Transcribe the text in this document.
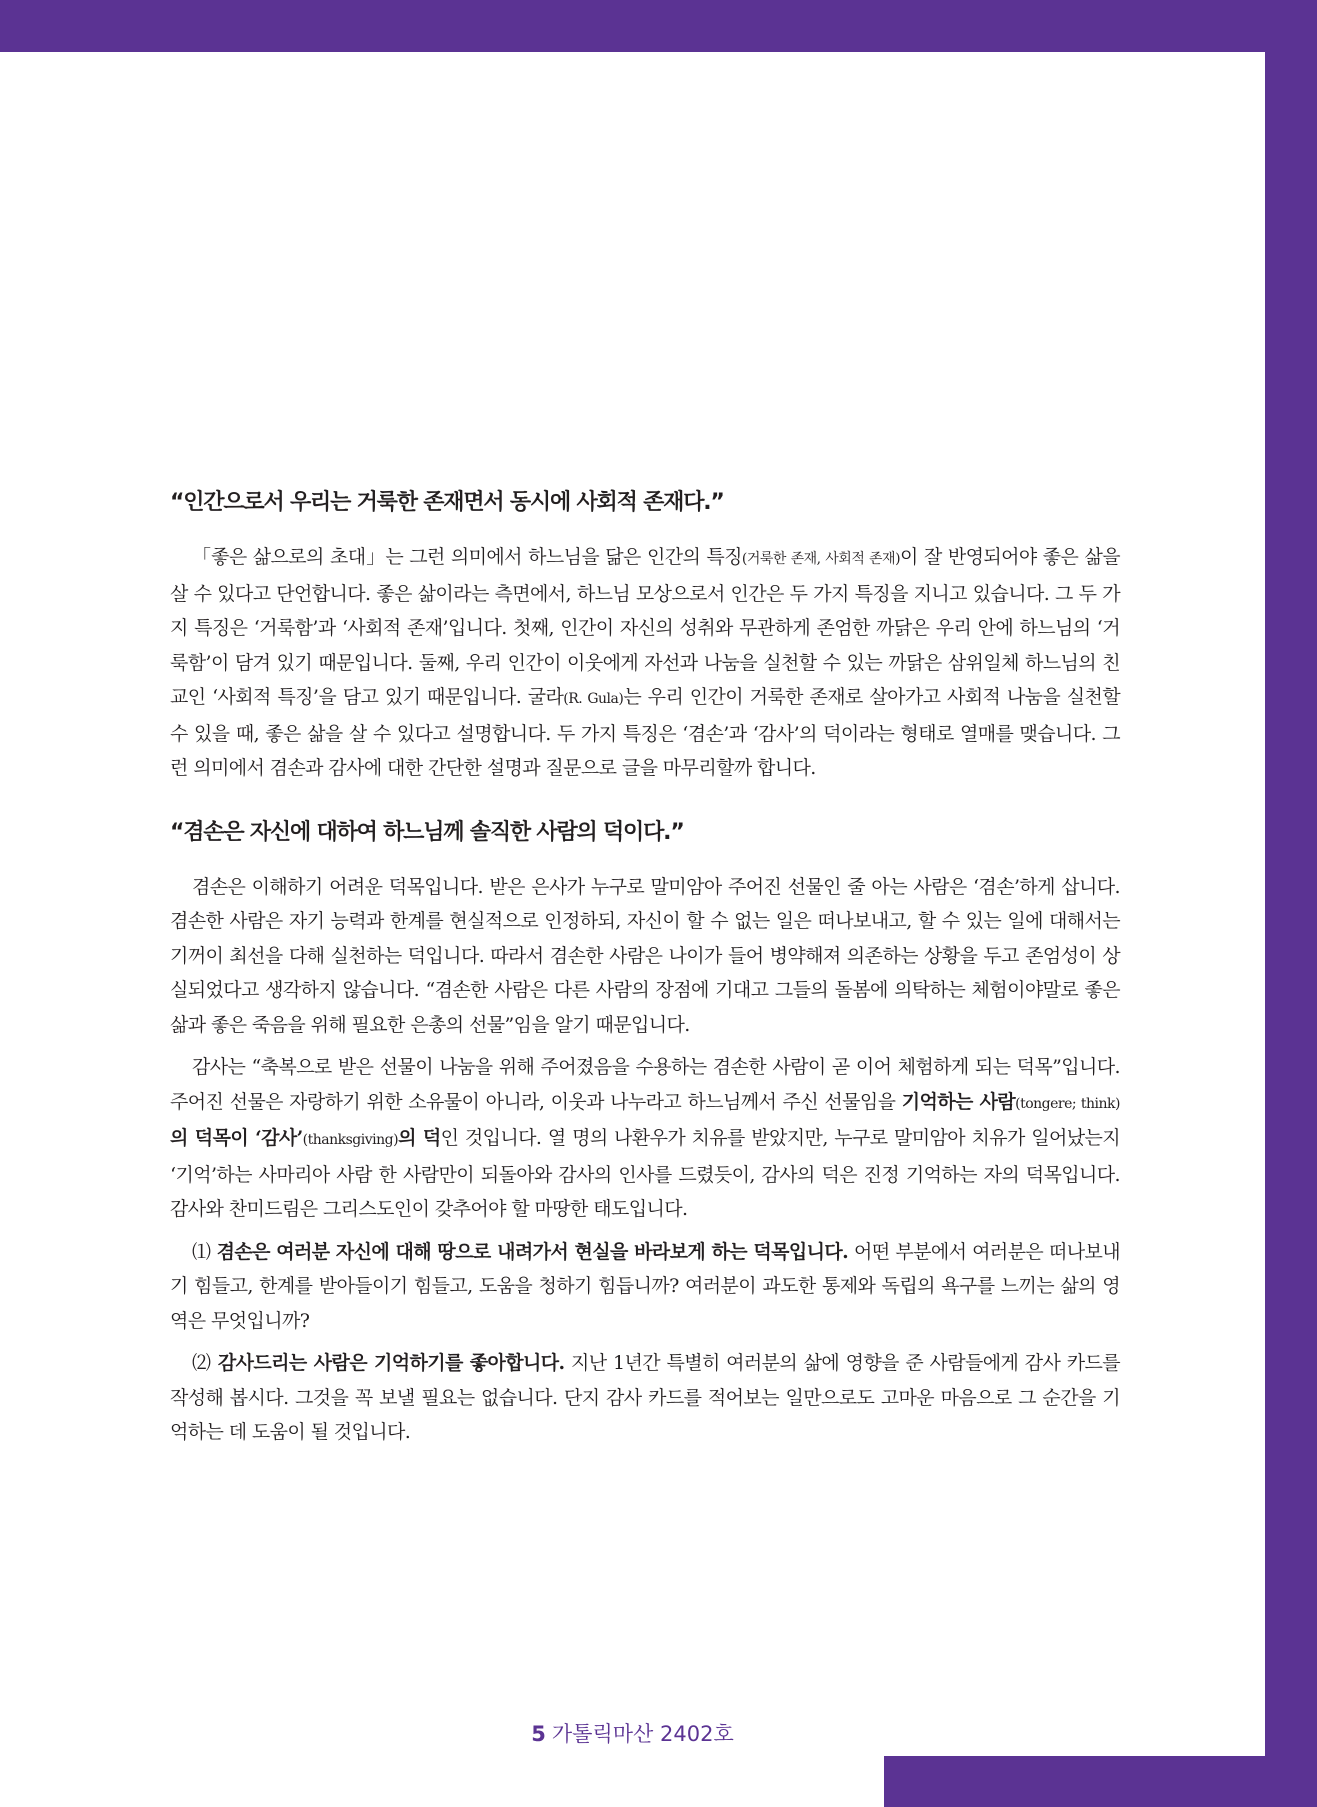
“인간으로서 우리는 거룩한 존재면서 동시에 사회적 존재다.”

「좋은 삶으로의 초대」는 그런 의미에서 하느님을 닮은 인간의 특징(거룩한 존재, 사회적 존재)이 잘 반영되어야 좋은 삶을 살 수 있다고 단언합니다. 좋은 삶이라는 측면에서, 하느님 모상으로서 인간은 두 가지 특징을 지니고 있습니다. 그 두 가지 특징은 ‘거룩함’과 ‘사회적 존재’입니다. 첫째, 인간이 자신의 성취와 무관하게 존엄한 까닭은 우리 안에 하느님의 ‘거룩함’이 담겨 있기 때문입니다. 둘째, 우리 인간이 이웃에게 자선과 나눔을 실천할 수 있는 까닭은 삼위일체 하느님의 친교인 ‘사회적 특징’을 담고 있기 때문입니다. 굴라(R. Gula)는 우리 인간이 거룩한 존재로 살아가고 사회적 나눔을 실천할 수 있을 때, 좋은 삶을 살 수 있다고 설명합니다. 두 가지 특징은 ‘겸손’과 ‘감사’의 덕이라는 형태로 열매를 맺습니다. 그런 의미에서 겸손과 감사에 대한 간단한 설명과 질문으로 글을 마무리할까 합니다.

“겸손은 자신에 대하여 하느님께 솔직한 사람의 덕이다.”

겸손은 이해하기 어려운 덕목입니다. 받은 은사가 누구로 말미암아 주어진 선물인 줄 아는 사람은 ‘겸손’하게 삽니다. 겸손한 사람은 자기 능력과 한계를 현실적으로 인정하되, 자신이 할 수 없는 일은 떠나보내고, 할 수 있는 일에 대해서는 기꺼이 최선을 다해 실천하는 덕입니다. 따라서 겸손한 사람은 나이가 들어 병약해져 의존하는 상황을 두고 존엄성이 상실되었다고 생각하지 않습니다. “겸손한 사람은 다른 사람의 장점에 기대고 그들의 돌봄에 의탁하는 체험이야말로 좋은 삶과 좋은 죽음을 위해 필요한 은총의 선물”임을 알기 때문입니다.

감사는 “축복으로 받은 선물이 나눔을 위해 주어졌음을 수용하는 겸손한 사람이 곧 이어 체험하게 되는 덕목”입니다. 주어진 선물은 자랑하기 위한 소유물이 아니라, 이웃과 나누라고 하느님께서 주신 선물임을 기억하는 사람(tongere; think)의 덕목이 ‘감사’(thanksgiving)의 덕인 것입니다. 열 명의 나환우가 치유를 받았지만, 누구로 말미암아 치유가 일어났는지 ‘기억’하는 사마리아 사람 한 사람만이 되돌아와 감사의 인사를 드렸듯이, 감사의 덕은 진정 기억하는 자의 덕목입니다. 감사와 찬미드림은 그리스도인이 갖추어야 할 마땅한 태도입니다.

⑴ 겸손은 여러분 자신에 대해 땅으로 내려가서 현실을 바라보게 하는 덕목입니다. 어떤 부분에서 여러분은 떠나보내기 힘들고, 한계를 받아들이기 힘들고, 도움을 청하기 힘듭니까? 여러분이 과도한 통제와 독립의 욕구를 느끼는 삶의 영역은 무엇입니까?

⑵ 감사드리는 사람은 기억하기를 좋아합니다. 지난 1년간 특별히 여러분의 삶에 영향을 준 사람들에게 감사 카드를 작성해 봅시다. 그것을 꼭 보낼 필요는 없습니다. 단지 감사 카드를 적어보는 일만으로도 고마운 마음으로 그 순간을 기억하는 데 도움이 될 것입니다.

5 가톨릭마산 2402호
